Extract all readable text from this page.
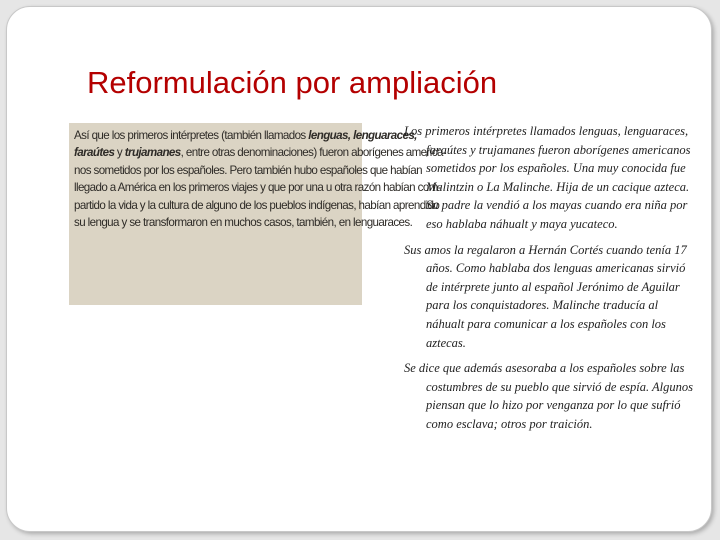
Reformulación por ampliación
Así que los primeros intérpretes (también llamados lenguas, lenguaraces,
faraútes y trujamanes, entre otras denominaciones) fueron aborígenes america-
nos sometidos por los españoles. Pero también hubo españoles que habían
llegado a América en los primeros viajes y que por una u otra razón habían com-
partido la vida y la cultura de alguno de los pueblos indígenas, habían aprendido
su lengua y se transformaron en muchos casos, también, en lenguaraces.

Los primeros intérpretes llamados lenguas, lenguaraces, faraútes y trujamanes fueron aborígenes americanos sometidos por los españoles. Una muy conocida fue Malintzin o La Malinche. Hija de un cacique azteca. Su padre la vendió a los mayas cuando era niña por eso hablaba náhualt y maya yucateco.

Sus amos la regalaron a Hernán Cortés cuando tenía 17 años. Como hablaba dos lenguas americanas sirvió de intérprete junto al español Jerónimo de Aguilar para los conquistadores. Malinche traducía al náhualt para comunicar a los españoles con los aztecas.

Se dice que además asesoraba a los españoles sobre las costumbres de su pueblo que sirvió de espía. Algunos piensan que lo hizo por venganza por lo que sufrió como esclava; otros por traición.
